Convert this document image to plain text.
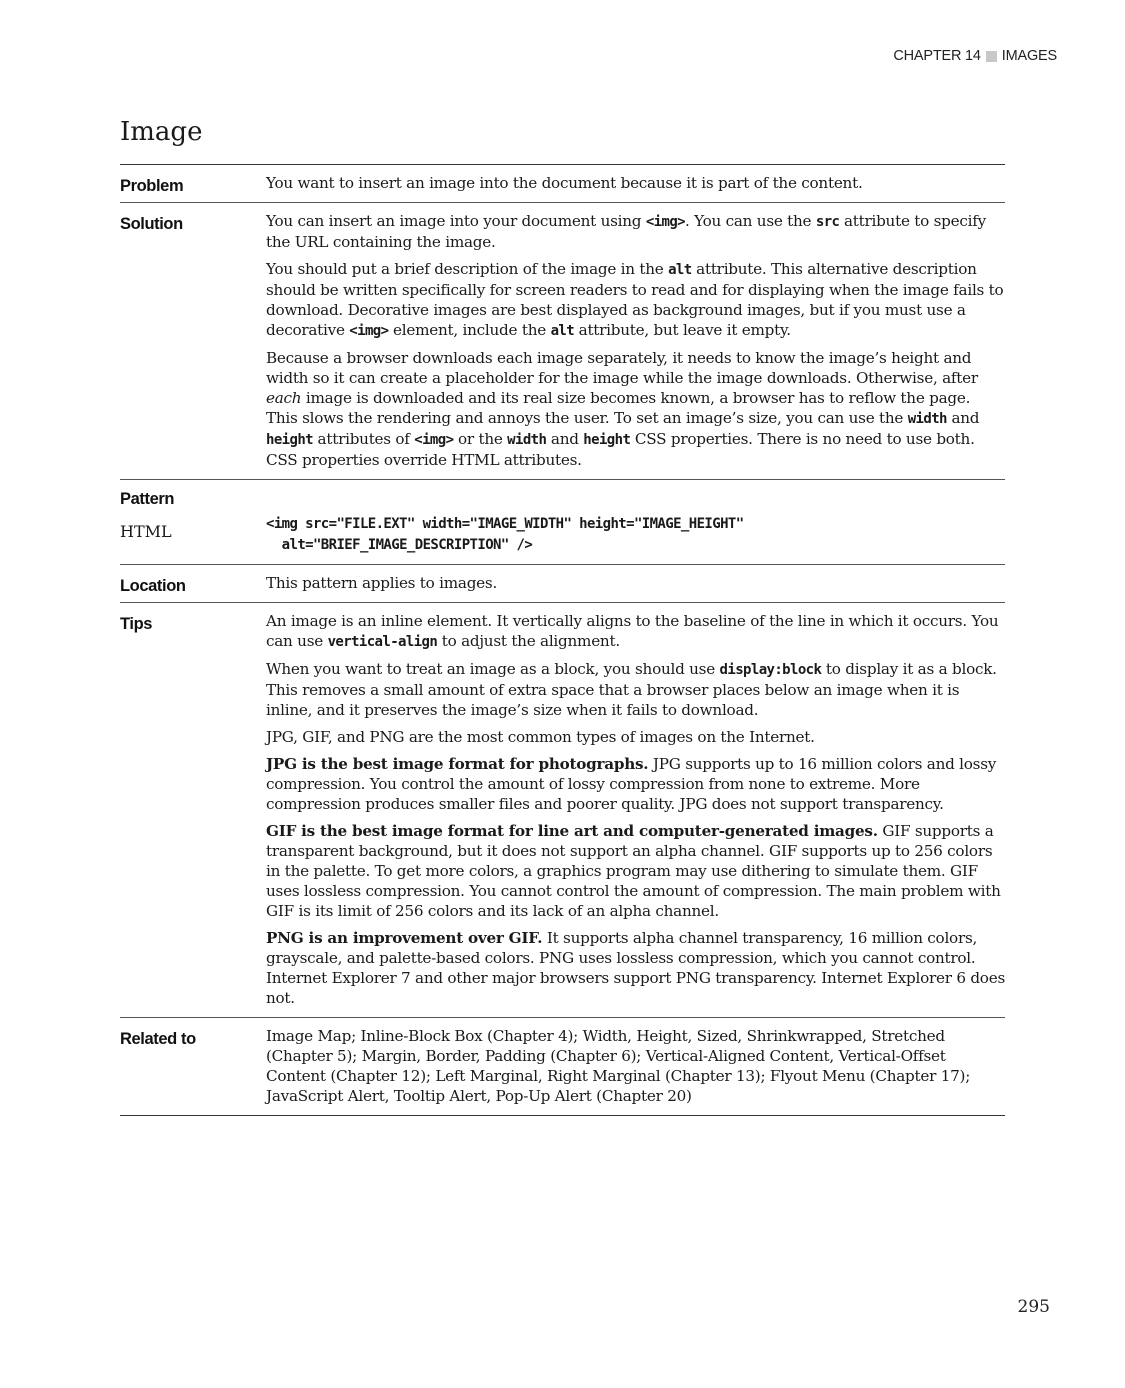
CHAPTER 14 IMAGES
Image
Problem	You want to insert an image into the document because it is part of the content.

Solution	You can insert an image into your document using <img>. You can use the src attribute to specify the URL containing the image.

You should put a brief description of the image in the alt attribute. This alternative description should be written specifically for screen readers to read and for displaying when the image fails to download. Decorative images are best displayed as background images, but if you must use a decorative <img> element, include the alt attribute, but leave it empty.

Because a browser downloads each image separately, it needs to know the image’s height and width so it can create a placeholder for the image while the image downloads. Otherwise, after each image is downloaded and its real size becomes known, a browser has to reflow the page. This slows the rendering and annoys the user. To set an image’s size, you can use the width and height attributes of <img> or the width and height CSS properties. There is no need to use both. CSS properties override HTML attributes.

Pattern
HTML	<img src="FILE.EXT" width="IMAGE_WIDTH" height="IMAGE_HEIGHT"
alt="BRIEF_IMAGE_DESCRIPTION" />
Location	This pattern applies to images.

Tips	An image is an inline element. It vertically aligns to the baseline of the line in which it occurs. You can use vertical-align to adjust the alignment.

When you want to treat an image as a block, you should use display:block to display it as a block. This removes a small amount of extra space that a browser places below an image when it is inline, and it preserves the image’s size when it fails to download.

JPG, GIF, and PNG are the most common types of images on the Internet.

JPG is the best image format for photographs. JPG supports up to 16 million colors and lossy compression. You control the amount of lossy compression from none to extreme. More compression produces smaller files and poorer quality. JPG does not support transparency.

GIF is the best image format for line art and computer-generated images. GIF supports a transparent background, but it does not support an alpha channel. GIF supports up to 256 colors in the palette. To get more colors, a graphics program may use dithering to simulate them. GIF uses lossless compression. You cannot control the amount of compression. The main problem with GIF is its limit of 256 colors and its lack of an alpha channel.

PNG is an improvement over GIF. It supports alpha channel transparency, 16 million colors, grayscale, and palette-based colors. PNG uses lossless compression, which you cannot control. Internet Explorer 7 and other major browsers support PNG transparency. Internet Explorer 6 does not.

Related to	Image Map; Inline-Block Box (Chapter 4); Width, Height, Sized, Shrinkwrapped, Stretched (Chapter 5); Margin, Border, Padding (Chapter 6); Vertical-Aligned Content, Vertical-Offset Content (Chapter 12); Left Marginal, Right Marginal (Chapter 13); Flyout Menu (Chapter 17); JavaScript Alert, Tooltip Alert, Pop-Up Alert (Chapter 20)

295
